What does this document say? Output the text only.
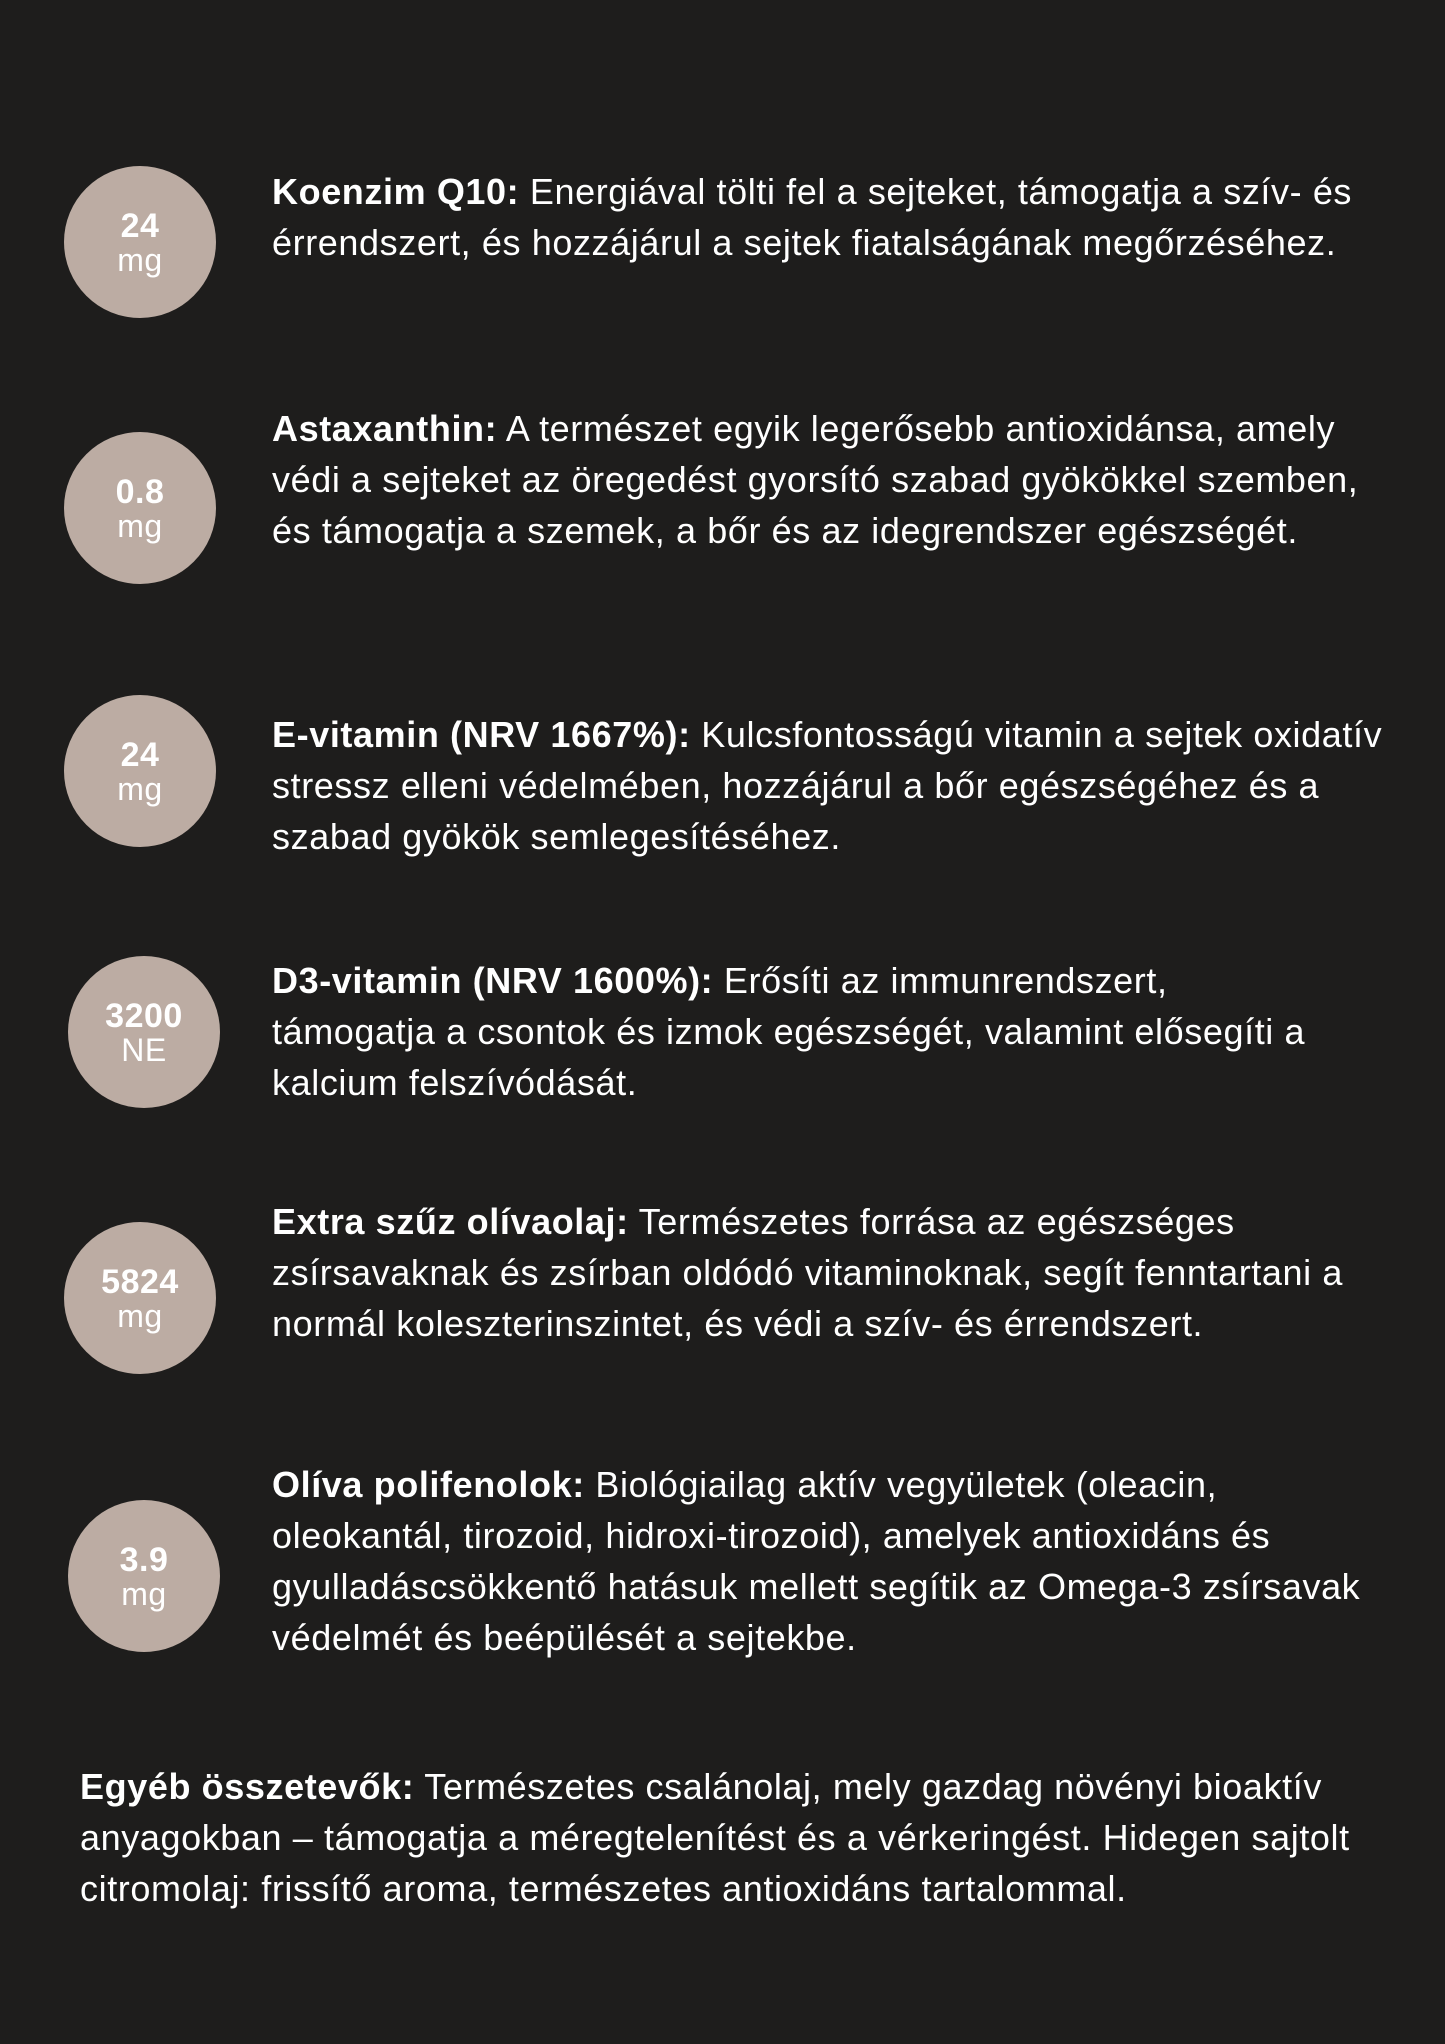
24
mg

Koenzim Q10: Energiával tölti fel a sejteket, támogatja a szív- és érrendszert, és hozzájárul a sejtek fiatalságának megőrzéséhez.

0.8
mg

Astaxanthin: A természet egyik legerősebb antioxidánsa, amely védi a sejteket az öregedést gyorsító szabad gyökökkel szemben, és támogatja a szemek, a bőr és az idegrendszer egészségét.

24
mg

E-vitamin (NRV 1667%): Kulcsfontosságú vitamin a sejtek oxidatív stressz elleni védelmében, hozzájárul a bőr egészségéhez és a szabad gyökök semlegesítéséhez.

3200
NE

D3-vitamin (NRV 1600%): Erősíti az immunrendszert, támogatja a csontok és izmok egészségét, valamint elősegíti a kalcium felszívódását.

5824
mg

Extra szűz olívaolaj: Természetes forrása az egészséges zsírsavaknak és zsírban oldódó vitaminoknak, segít fenntartani a normál koleszterinszintet, és védi a szív- és érrendszert.

3.9
mg

Olíva polifenolok: Biológiailag aktív vegyületek (oleacin, oleokantál, tirozoid, hidroxi-tirozoid), amelyek antioxidáns és gyulladáscsökkentő hatásuk mellett segítik az Omega-3 zsírsavak védelmét és beépülését a sejtekbe.

Egyéb összetevők: Természetes csalánolaj, mely gazdag növényi bioaktív anyagokban – támogatja a méregtelenítést és a vérkeringést. Hidegen sajtolt citromolaj: frissítő aroma, természetes antioxidáns tartalommal.
